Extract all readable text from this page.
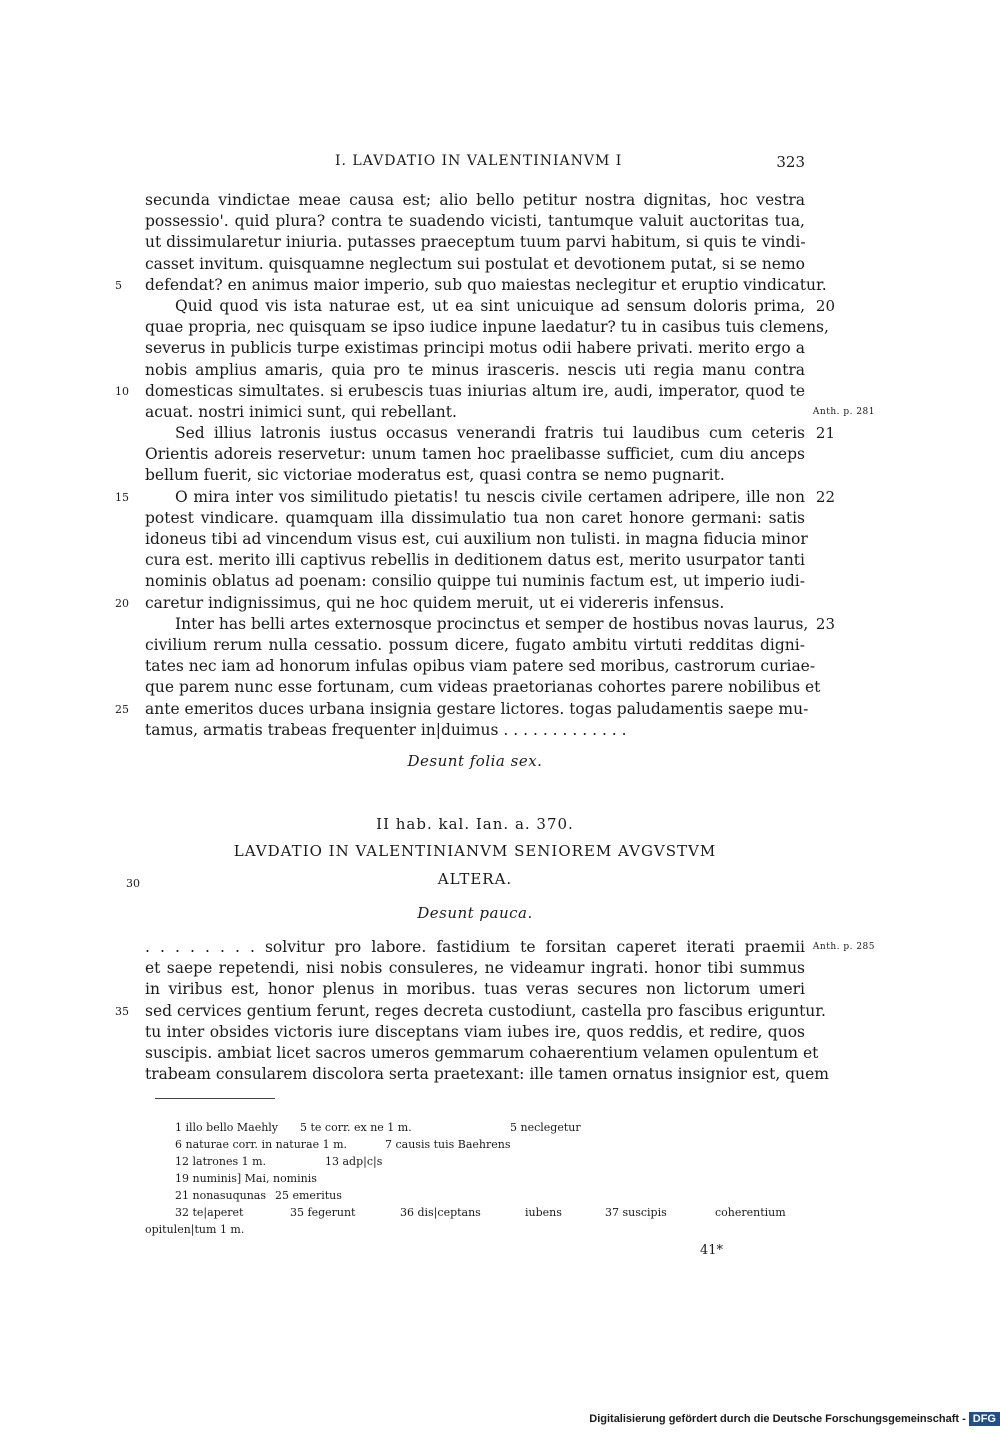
I. LAVDATIO IN VALENTINIANVM I	323
secunda vindictae meae causa est; alio bello petitur nostra dignitas, hoc vestra
possessio'. quid plura? contra te suadendo vicisti, tantumque valuit auctoritas tua,
ut dissimularetur iniuria. putasses praeceptum tuum parvi habitum, si quis te vindi-
casset invitum. quisquamne neglectum sui postulat et devotionem putat, si se nemo
defendat? en animus maior imperio, sub quo maiestas neclegitur et eruptio vindicatur.
5
Quid quod vis ista naturae est, ut ea sint unicuique ad sensum doloris prima, 20
quae propria, nec quisquam se ipso iudice inpune laedatur? tu in casibus tuis clemens,
severus in publicis turpe existimas principi motus odii habere privati. merito ergo a
nobis amplius amaris, quia pro te minus irasceris. nescis uti regia manu contra
domesticas simultates. si erubescis tuas iniurias altum ire, audi, imperator, quod te
10
acuat. nostri inimici sunt, qui rebellant.	Anth. p. 281
Sed illius latronis iustus occasus venerandi fratris tui laudibus cum ceteris 21
Orientis adoreis reservetur: unum tamen hoc praelibasse sufficiet, cum diu anceps
bellum fuerit, sic victoriae moderatus est, quasi contra se nemo pugnarit.
O mira inter vos similitudo pietatis! tu nescis civile certamen adripere, ille non
15	22
potest vindicare. quamquam illa dissimulatio tua non caret honore germani: satis
idoneus tibi ad vincendum visus est, cui auxilium non tulisti. in magna fiducia minor
cura est. merito illi captivus rebellis in deditionem datus est, merito usurpator tanti
nominis oblatus ad poenam: consilio quippe tui numinis factum est, ut imperio iudi-
caretur indignissimus, qui ne hoc quidem meruit, ut ei videreris infensus.
20
Inter has belli artes externosque procinctus et semper de hostibus novas laurus, 23
civilium rerum nulla cessatio. possum dicere, fugato ambitu virtuti redditas digni-
tates nec iam ad honorum infulas opibus viam patere sed moribus, castrorum curiae-
que parem nunc esse fortunam, cum videas praetorianas cohortes parere nobilibus et
ante emeritos duces urbana insignia gestare lictores. togas paludamentis saepe mu-
25
tamus, armatis trabeas frequenter in|duimus . . . . . . . . . . . . .
Desunt folia sex.
II hab. kal. Ian. a. 370.
LAVDATIO IN VALENTINIANVM SENIOREM AVGVSTVM
ALTERA.
30
Desunt pauca.
. . . . . . . . solvitur pro labore. fastidium te forsitan caperet iterati praemii Anth. p. 285
et saepe repetendi, nisi nobis consuleres, ne videamur ingrati. honor tibi summus
in viribus est, honor plenus in moribus. tuas veras secures non lictorum umeri
sed cervices gentium ferunt, reges decreta custodiunt, castella pro fascibus eriguntur.
35
tu inter obsides victoris iure disceptans viam iubes ire, quos reddis, et redire, quos
suscipis. ambiat licet sacros umeros gemmarum cohaerentium velamen opulentum et
trabeam consularem discolora serta praetexant: ille tamen ornatus insignior est, quem
1 illo bello Maehly 5 te corr. ex ne 1 m.	5 neclegetur
6 naturae corr. in naturae 1 m.	7 causis tuis Baehrens
12 latrones 1 m.	13 adp|c|s
19 numinis] Mai, nominis
21 nonasuqunas 25 emeritus
32 te|aperet	35 fegerunt	36 dis|ceptans	iubens	37 suscipis	coherentium
opitulen|tum 1 m.
41*
Digitalisierung gefördert durch die Deutsche Forschungsgemeinschaft - DFG
